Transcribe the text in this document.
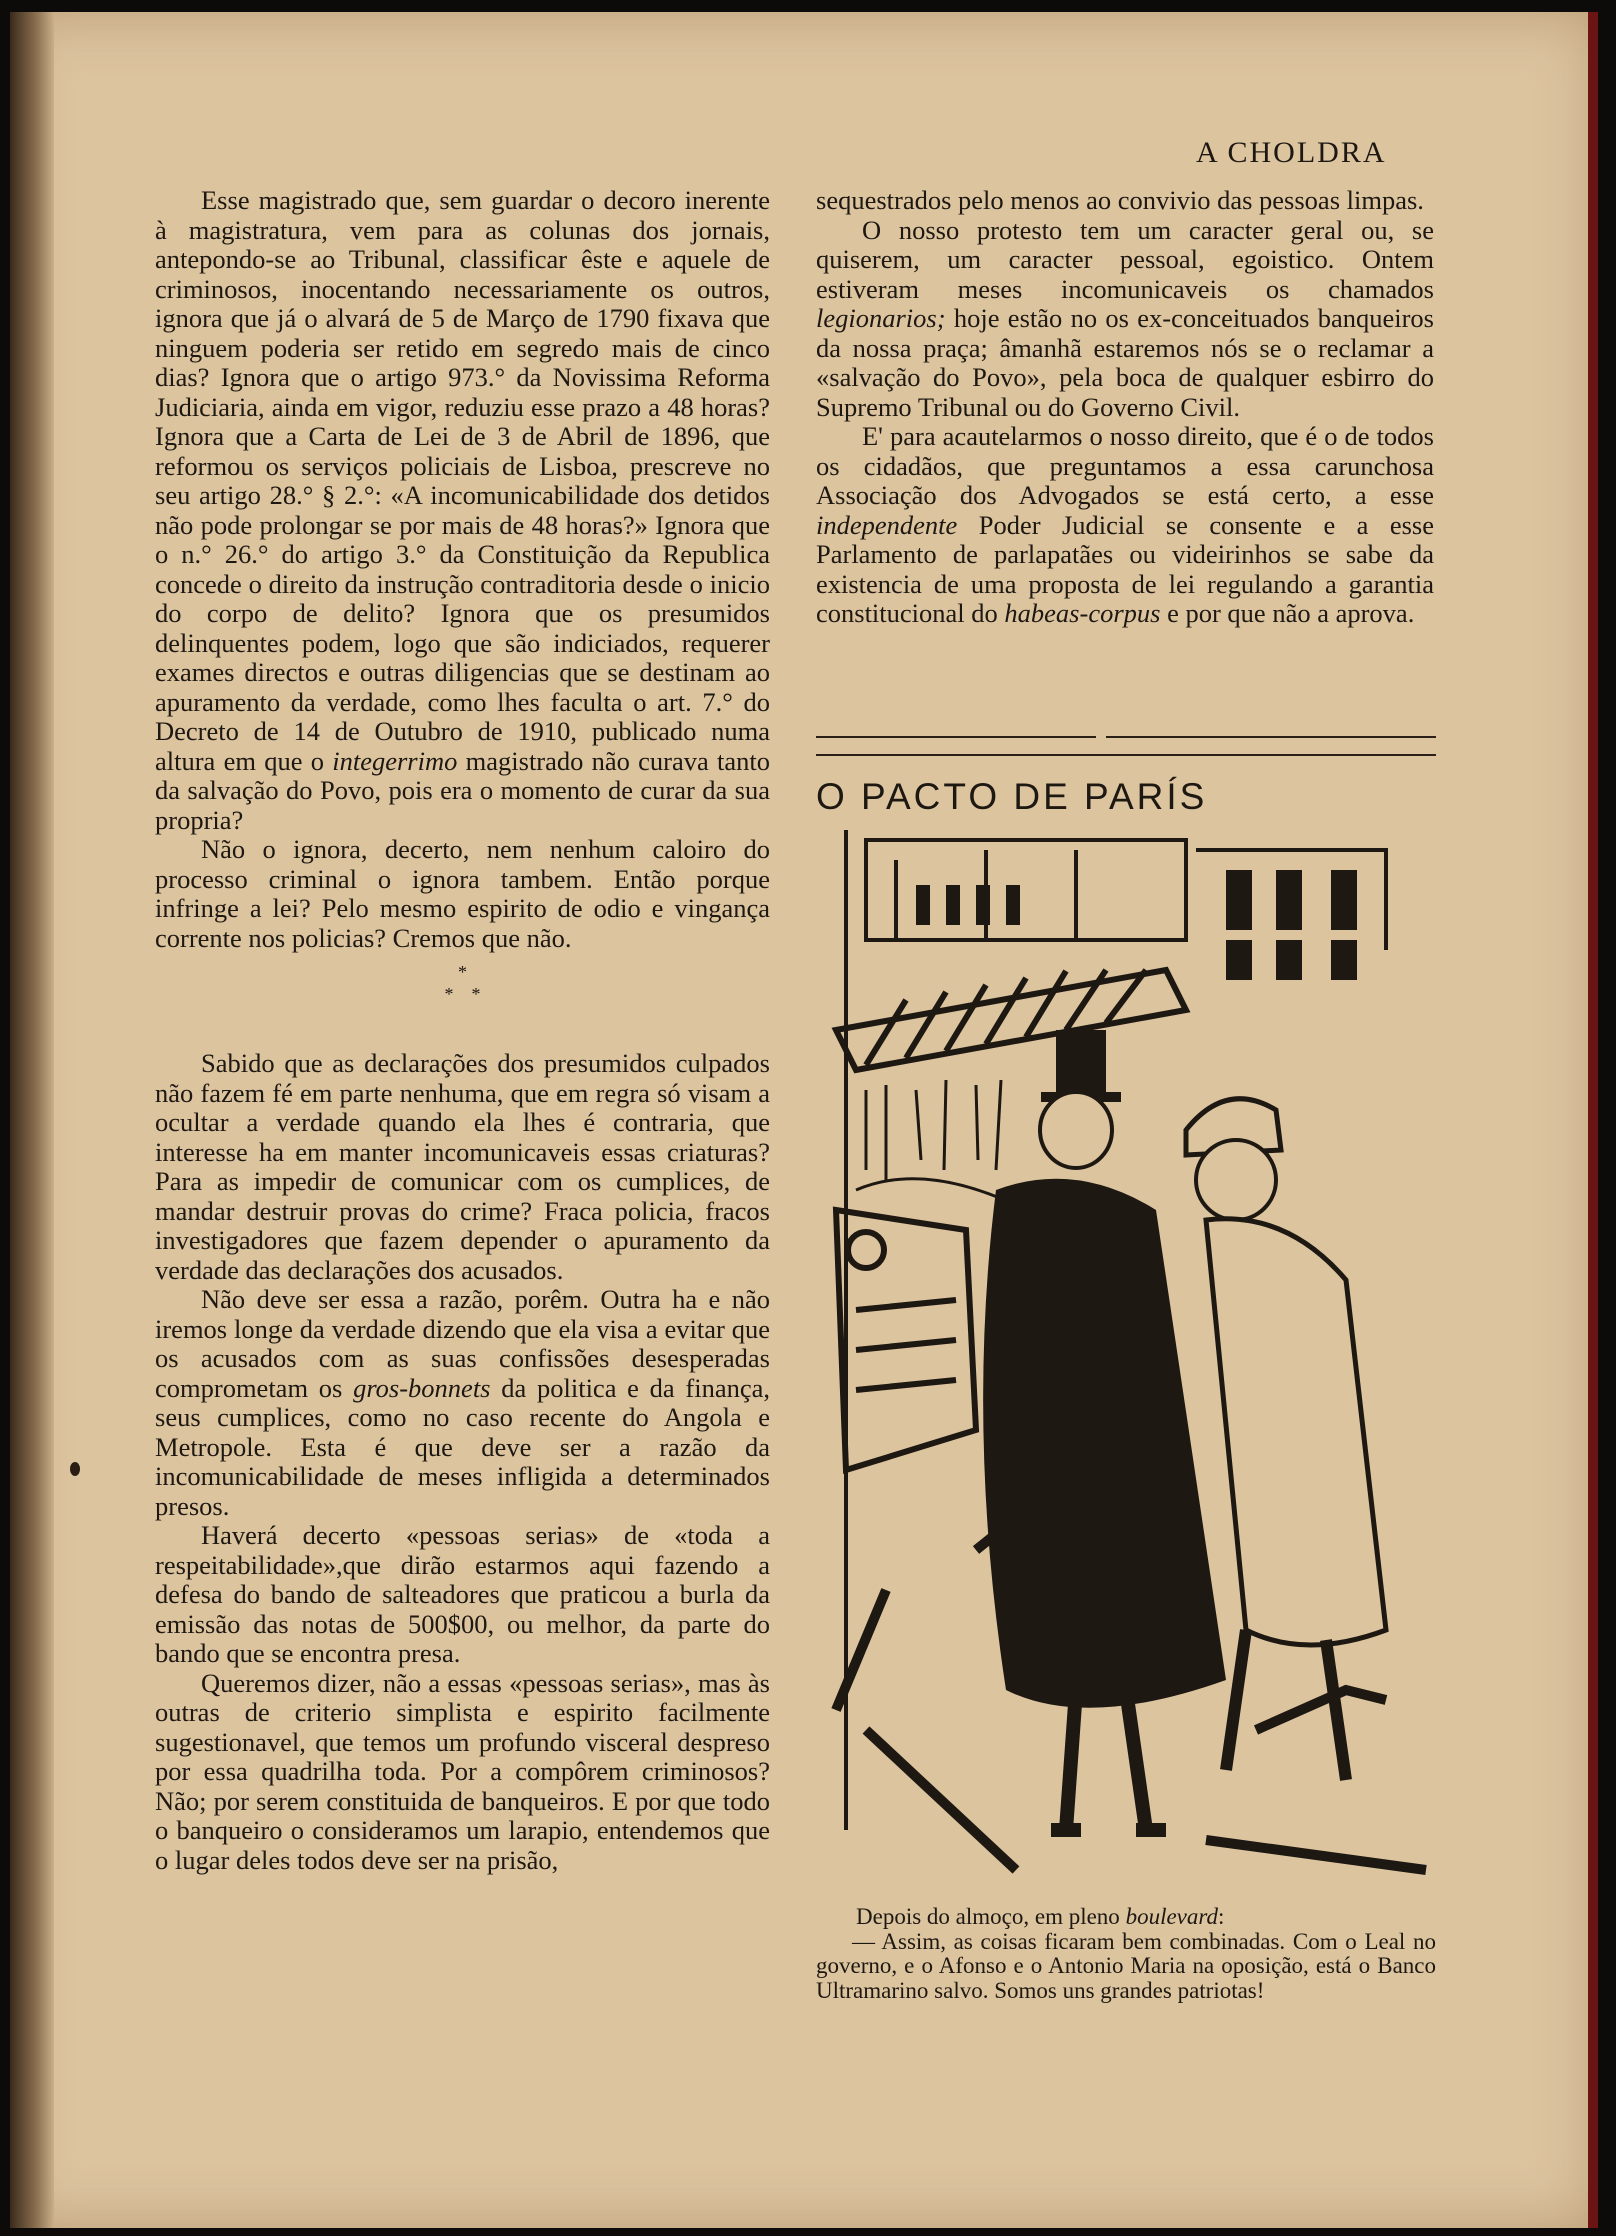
A CHOLDRA

Esse magistrado que, sem guardar o decoro inerente à magistratura, vem para as colunas dos jornais, antepondo-se ao Tribunal, classificar êste e aquele de criminosos, inocentando necessariamente os outros, ignora que já o alvará de 5 de Março de 1790 fixava que ninguem poderia ser retido em segredo mais de cinco dias? Ignora que o artigo 973.° da Novissima Reforma Judiciaria, ainda em vigor, reduziu esse prazo a 48 horas? Ignora que a Carta de Lei de 3 de Abril de 1896, que reformou os serviços policiais de Lisboa, prescreve no seu artigo 28.° § 2.°: «A incomunicabilidade dos detidos não pode prolongar se por mais de 48 horas?» Ignora que o n.° 26.° do artigo 3.° da Constituição da Republica concede o direito da instrução contraditoria desde o inicio do corpo de delito? Ignora que os presumidos delinquentes podem, logo que são indiciados, requerer exames directos e outras diligencias que se destinam ao apuramento da verdade, como lhes faculta o art. 7.° do Decreto de 14 de Outubro de 1910, publicado numa altura em que o integerrimo magistrado não curava tanto da salvação do Povo, pois era o momento de curar da sua propria?

Não o ignora, decerto, nem nenhum caloiro do processo criminal o ignora tambem. Então porque infringe a lei? Pelo mesmo espirito de odio e vingança corrente nos policias? Cremos que não.

*
*    *

Sabido que as declarações dos presumidos culpados não fazem fé em parte nenhuma, que em regra só visam a ocultar a verdade quando ela lhes é contraria, que interesse ha em manter incomunicaveis essas criaturas? Para as impedir de comunicar com os cumplices, de mandar destruir provas do crime? Fraca policia, fracos investigadores que fazem depender o apuramento da verdade das declarações dos acusados.

Não deve ser essa a razão, porêm. Outra ha e não iremos longe da verdade dizendo que ela visa a evitar que os acusados com as suas confissões desesperadas comprometam os gros-bonnets da politica e da finança, seus cumplices, como no caso recente do Angola e Metropole. Esta é que deve ser a razão da incomunicabilidade de meses infligida a determinados presos.

Haverá decerto «pessoas serias» de «toda a respeitabilidade»,que dirão estarmos aqui fazendo a defesa do bando de salteadores que praticou a burla da emissão das notas de 500$00, ou melhor, da parte do bando que se encontra presa.

Queremos dizer, não a essas «pessoas serias», mas às outras de criterio simplista e espirito facilmente sugestionavel, que temos um profundo visceral despreso por essa quadrilha toda. Por a compôrem criminosos? Não; por serem constituida de banqueiros. E por que todo o banqueiro o consideramos um larapio, entendemos que o lugar deles todos deve ser na prisão,

sequestrados pelo menos ao convivio das pessoas limpas.

O nosso protesto tem um caracter geral ou, se quiserem, um caracter pessoal, egoistico. Ontem estiveram meses incomunicaveis os chamados legionarios; hoje estão no os ex-conceituados banqueiros da nossa praça; âmanhã estaremos nós se o reclamar a «salvação do Povo», pela boca de qualquer esbirro do Supremo Tribunal ou do Governo Civil.

E' para acautelarmos o nosso direito, que é o de todos os cidadãos, que preguntamos a essa carunchosa Associação dos Advogados se está certo, a esse independente Poder Judicial se consente e a esse Parlamento de parlapatães ou videirinhos se sabe da existencia de uma proposta de lei regulando a garantia constitucional do habeas-corpus e por que não a aprova.

O PACTO DE PARÍS
Depois do almoço, em pleno boulevard:
— Assim, as coisas ficaram bem combinadas. Com o Leal no governo, e o Afonso e o Antonio Maria na oposição, está o Banco Ultramarino salvo. Somos uns grandes patriotas!
